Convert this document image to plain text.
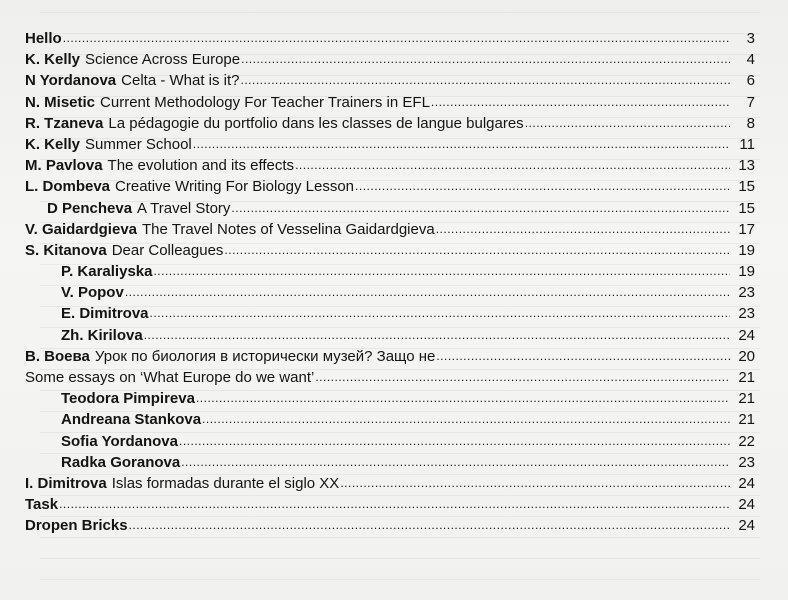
Hello .....	3
K. Kelly Science Across Europe .....	4
N Yordanova Celta - What is it? .....	6
N. Misetic Current Methodology For Teacher Trainers in EFL .....	7
R. Tzaneva La pédagogie du portfolio dans les classes de langue bulgares .....	8
K. Kelly Summer School .....	11
M. Pavlova The evolution and its effects .....	13
L. Dombeva Creative Writing For Biology Lesson .....	15
D Pencheva A Travel Story .....	15
V. Gaidardgieva The Travel Notes of Vesselina Gaidardgieva .....	17
S. Kitanova Dear Colleagues .....	19
P. Karaliyska .....	19
V. Popov .....	23
E. Dimitrova .....	23
Zh. Kirilova .....	24
B. Воева Урок по биология в исторически музей? Защо не .....	20
Some essays on ‘What Europe do we want’ .....	21
Teodora Pimpireva .....	21
Andreana Stankova .....	21
Sofia Yordanova .....	22
Radka Goranova .....	23
I. Dimitrova Islas formadas durante el siglo XX .....	24
Task .....	24
Dropen Bricks .....	24
